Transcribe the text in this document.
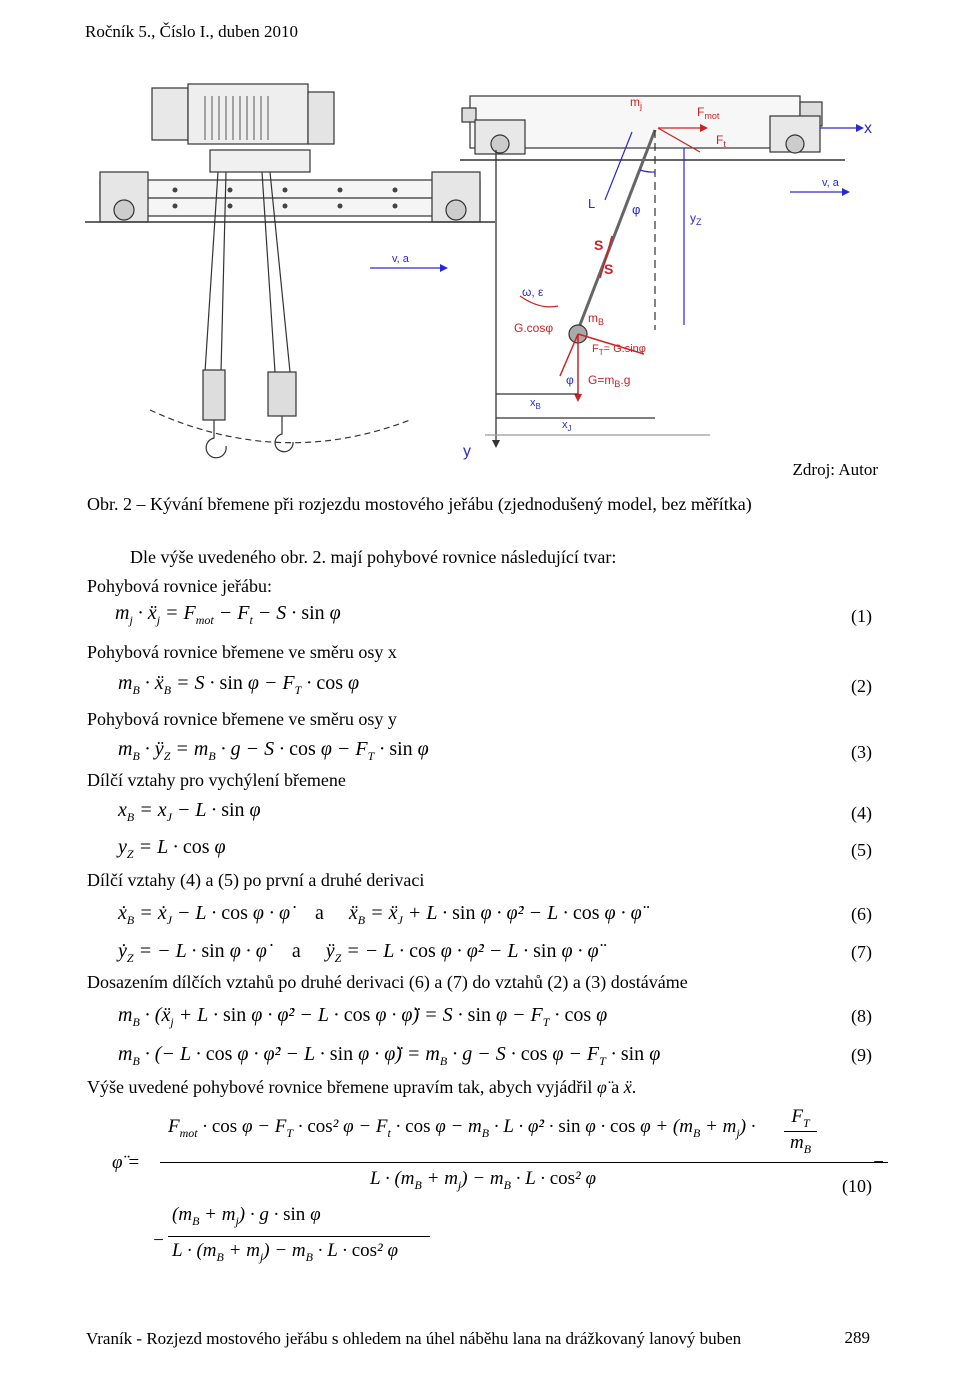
Ročník 5., Číslo I., duben 2010
v, a
x
y
v, a
$m_j$	$F_{mot}$
$F_t$
φ
L
$y_Z$
S
S
ω, ε
$m_B$
G.cosφ
$F_T= G.\sin\varphi$
φ $G=m_B.g$
$x_B$
$x_J$
Zdroj: Autor
Obr. 2 – Kývání břemene při rozjezdu mostového jeřábu (zjednodušený model, bez měřítka)
Dle výše uvedeného obr. 2. mají pohybové rovnice následující tvar:
Pohybová rovnice jeřábu:
$m_j$ · ẍ$_j$ = $F_{mot} - F_t - S \cdot \sin \varphi$	(1)
Pohybová rovnice břemene ve směru osy x
$m_B$ · ẍ$_B$ = $S \cdot \sin \varphi - F_T \cdot \cos \varphi$	(2)
Pohybová rovnice břemene ve směru osy y
$m_B$ · $ÿ_Z = m_B \cdot g - S \cdot \cos \varphi - F_T \cdot \sin \varphi$	(3)
Dílčí vztahy pro vychýlení břemene
$x_B = x_J - L \cdot \sin \varphi$	(4)
$y_Z = L \cdot \cos \varphi$	(5)
Dílčí vztahy (4) a (5) po první a druhé derivaci
ẋ$_B$ = ẋ$_J$ − L · cos φ · φ̇     a     ẍ$_B$ = ẍ$_J$ + L · sin φ · φ̇² − L · cos φ · φ̈	(6)
ẏ$_Z$ = − L · sin φ · φ̇     a     $ÿ_Z$ = − L · cos φ · φ̇² − L · sin φ · φ̈	(7)
Dosazením dílčích vztahů po druhé derivaci (6) a (7) do vztahů (2) a (3) dostáváme
$m_B$ · (ẍ$_j$ + L · sin φ · φ̇² − L · cos φ · φ̈) = $S \cdot \sin \varphi - F_T \cdot \cos \varphi$	(8)
$m_B$ · (− L · cos φ · φ̇² − L · sin φ · φ̈) = $m_B \cdot g - S \cdot \cos \varphi - F_T \cdot \sin \varphi$	(9)
Výše uvedené pohybové rovnice břemene upravím tak, abych vyjádřil φ̈ a ẍ.
φ̈ =
$F_{mot} \cdot \cos \varphi - F_T \cdot \cos^2$ $\varphi - F_t \cdot \cos \varphi - m_B \cdot L$ · φ̇² · $\sin \varphi \cdot \cos \varphi + (m_B + m_j)$ ·	$F_T$
$m_B$
$L \cdot (m_B + m_j) - m_B \cdot L \cdot \cos^2$ φ
−
−
$(m_B + m_j) \cdot g \cdot \sin \varphi$
$L \cdot (m_B + m_j) - m_B \cdot L \cdot \cos^2$ φ
(10)
Vraník - Rozjezd mostového jeřábu s ohledem na úhel náběhu lana na drážkovaný lanový buben	289
